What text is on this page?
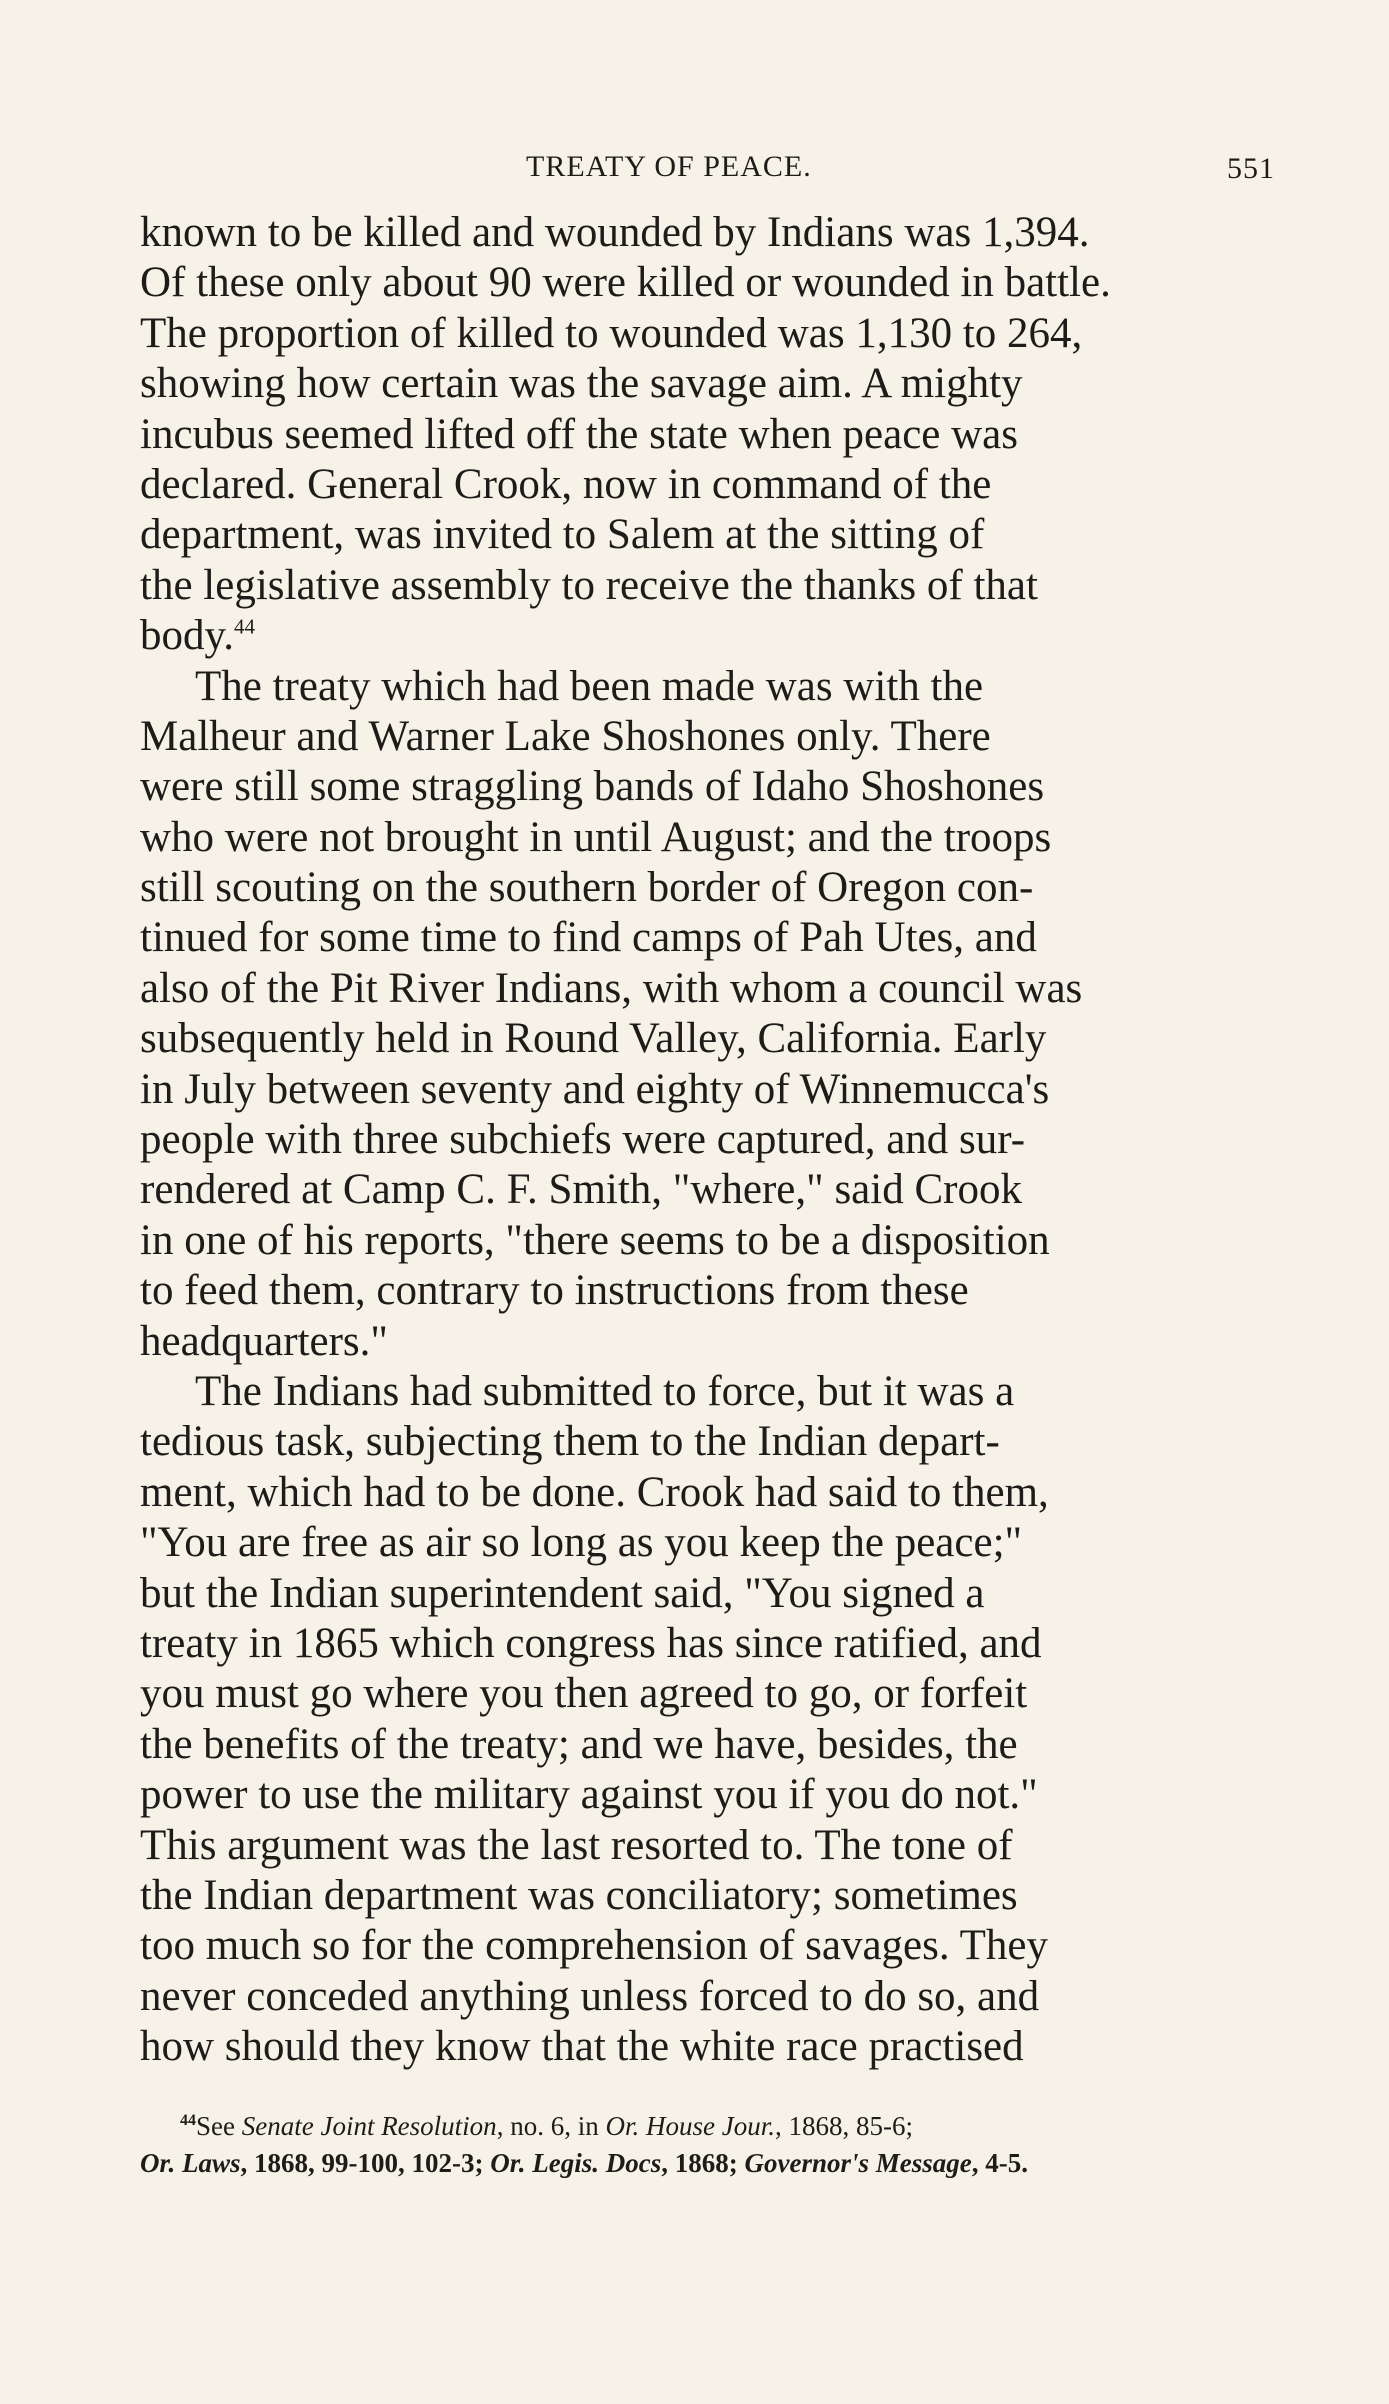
TREATY OF PEACE.	551
known to be killed and wounded by Indians was 1,394.
Of these only about 90 were killed or wounded in battle.
The proportion of killed to wounded was 1,130 to 264,
showing how certain was the savage aim. A mighty
incubus seemed lifted off the state when peace was
declared. General Crook, now in command of the
department, was invited to Salem at the sitting of
the legislative assembly to receive the thanks of that
body.$^{44}$
The treaty which had been made was with the
Malheur and Warner Lake Shoshones only. There
were still some straggling bands of Idaho Shoshones
who were not brought in until August; and the troops
still scouting on the southern border of Oregon con-
tinued for some time to find camps of Pah Utes, and
also of the Pit River Indians, with whom a council was
subsequently held in Round Valley, California. Early
in July between seventy and eighty of Winnemucca's
people with three subchiefs were captured, and sur-
rendered at Camp C. F. Smith, "where," said Crook
in one of his reports, "there seems to be a disposition
to feed them, contrary to instructions from these
headquarters."
The Indians had submitted to force, but it was a
tedious task, subjecting them to the Indian depart-
ment, which had to be done. Crook had said to them,
"You are free as air so long as you keep the peace;"
but the Indian superintendent said, "You signed a
treaty in 1865 which congress has since ratified, and
you must go where you then agreed to go, or forfeit
the benefits of the treaty; and we have, besides, the
power to use the military against you if you do not."
This argument was the last resorted to. The tone of
the Indian department was conciliatory; sometimes
too much so for the comprehension of savages. They
never conceded anything unless forced to do so, and
how should they know that the white race practised
$^{44}$See Senate Joint Resolution, no. 6, in Or. House Jour., 1868, 85-6;
Or. Laws, 1868, 99-100, 102-3; Or. Legis. Docs, 1868; Governor's Message, 4-5.
